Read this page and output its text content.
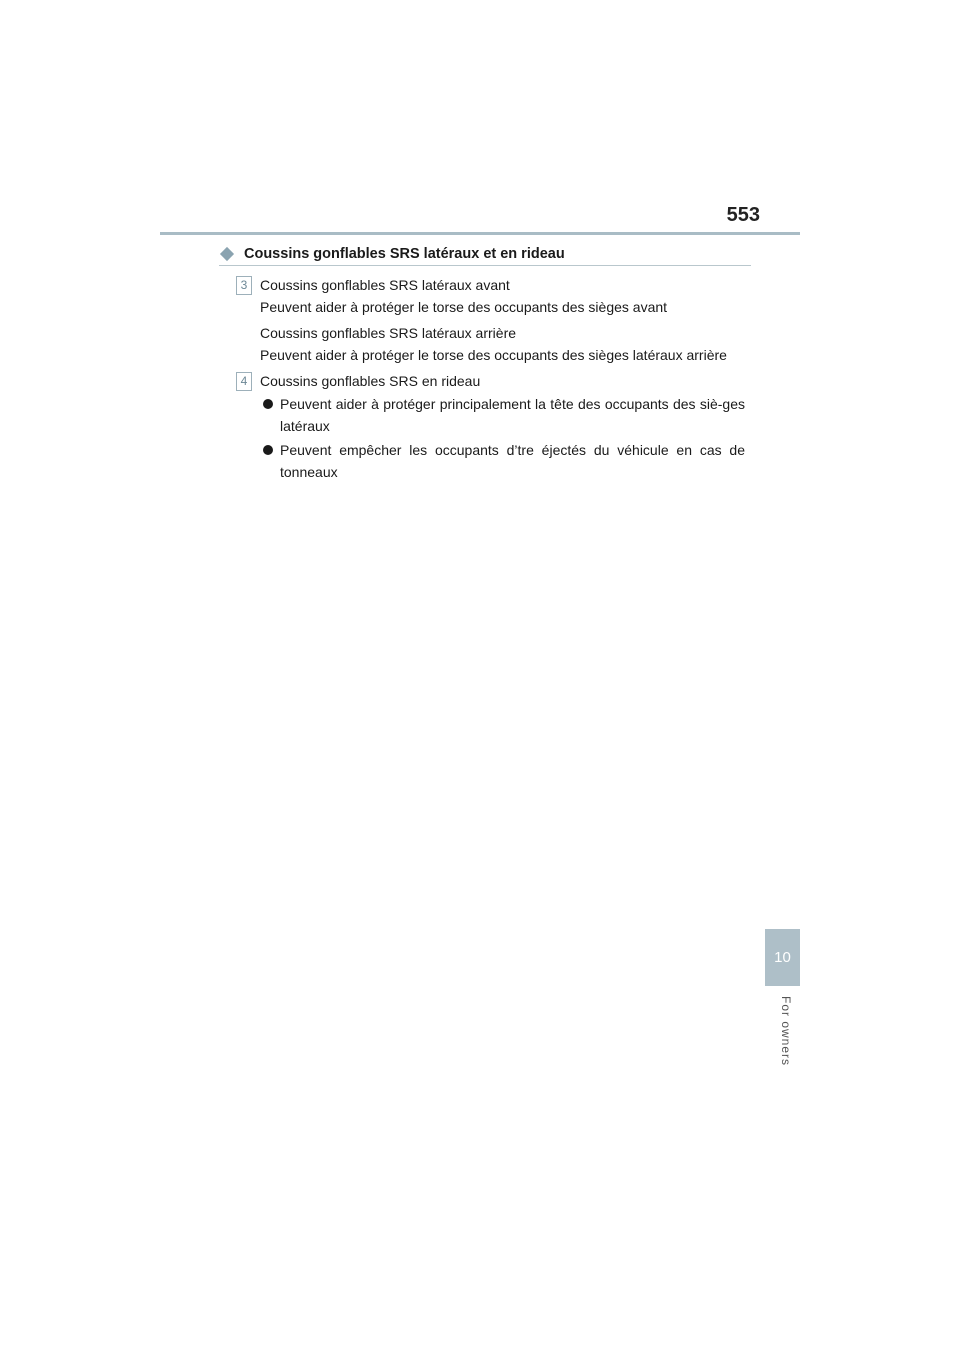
553
Coussins gonflables SRS latéraux et en rideau
3 Coussins gonflables SRS latéraux avant

Peuvent aider à protéger le torse des occupants des sièges avant

Coussins gonflables SRS latéraux arrière

Peuvent aider à protéger le torse des occupants des sièges latéraux arrière

4 Coussins gonflables SRS en rideau

Peuvent aider à protéger principalement la tête des occupants des siè-ges latéraux
Peuvent empêcher les occupants d’tre éjectés du véhicule en cas de tonneaux
10
For owners
